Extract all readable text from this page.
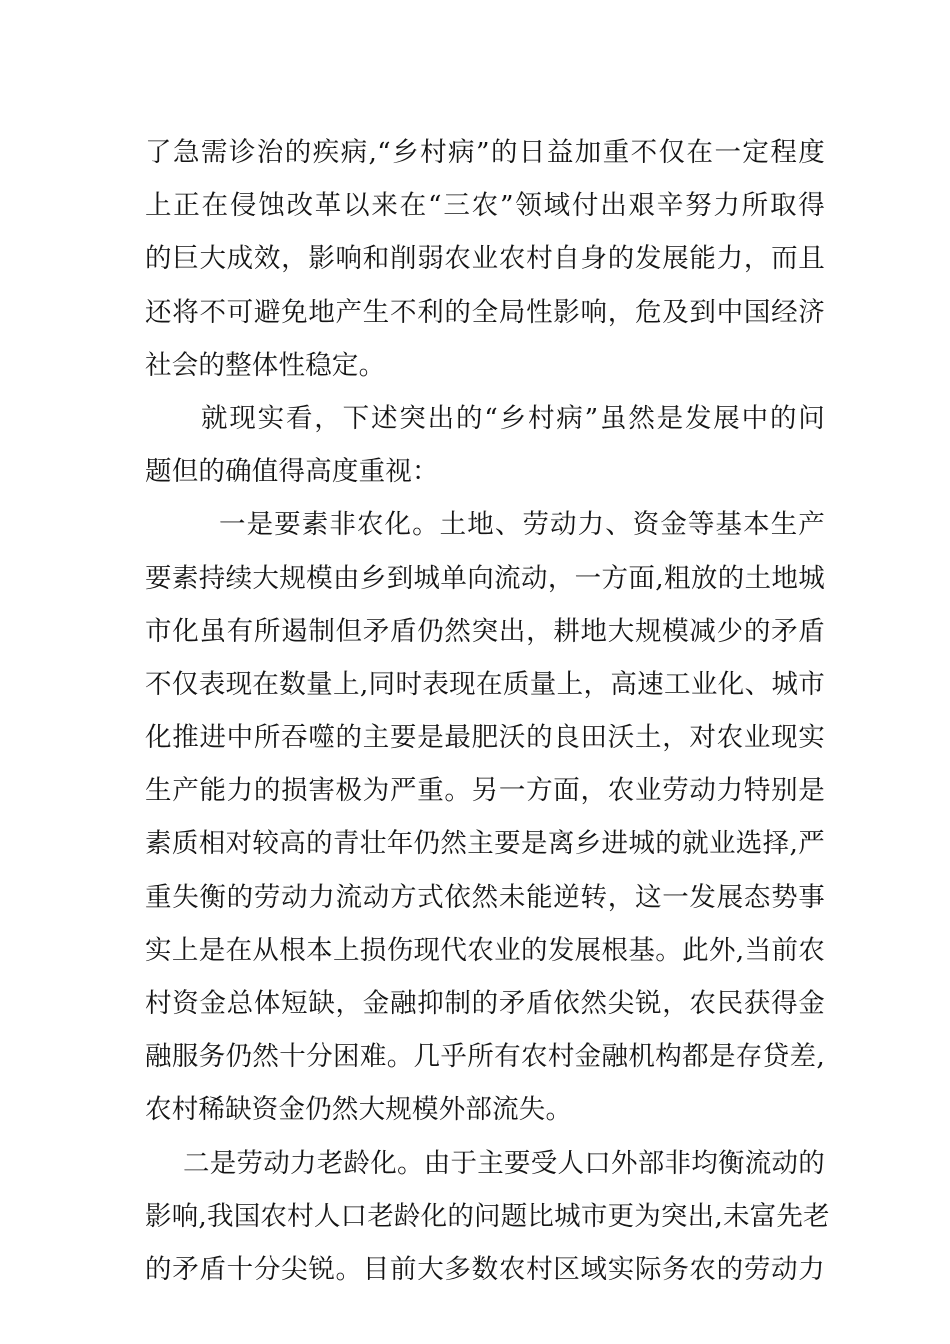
了急需诊治的疾病,“乡村病”的日益加重不仅在一定程度
上正在侵蚀改革以来在“三农”领域付出艰辛努力所取得
的巨大成效，影响和削弱农业农村自身的发展能力，而且
还将不可避免地产生不利的全局性影响，危及到中国经济
社会的整体性稳定。
就现实看，下述突出的“乡村病”虽然是发展中的问
题但的确值得高度重视：
一是要素非农化。土地、劳动力、资金等基本生产
要素持续大规模由乡到城单向流动，一方面,粗放的土地城
市化虽有所遏制但矛盾仍然突出，耕地大规模减少的矛盾
不仅表现在数量上,同时表现在质量上，高速工业化、城市
化推进中所吞噬的主要是最肥沃的良田沃土，对农业现实
生产能力的损害极为严重。另一方面，农业劳动力特别是
素质相对较高的青壮年仍然主要是离乡进城的就业选择,严
重失衡的劳动力流动方式依然未能逆转，这一发展态势事
实上是在从根本上损伤现代农业的发展根基。此外,当前农
村资金总体短缺，金融抑制的矛盾依然尖锐，农民获得金
融服务仍然十分困难。几乎所有农村金融机构都是存贷差,
农村稀缺资金仍然大规模外部流失。
二是劳动力老龄化。由于主要受人口外部非均衡流动的
影响,我国农村人口老龄化的问题比城市更为突出,未富先老
的矛盾十分尖锐。目前大多数农村区域实际务农的劳动力
